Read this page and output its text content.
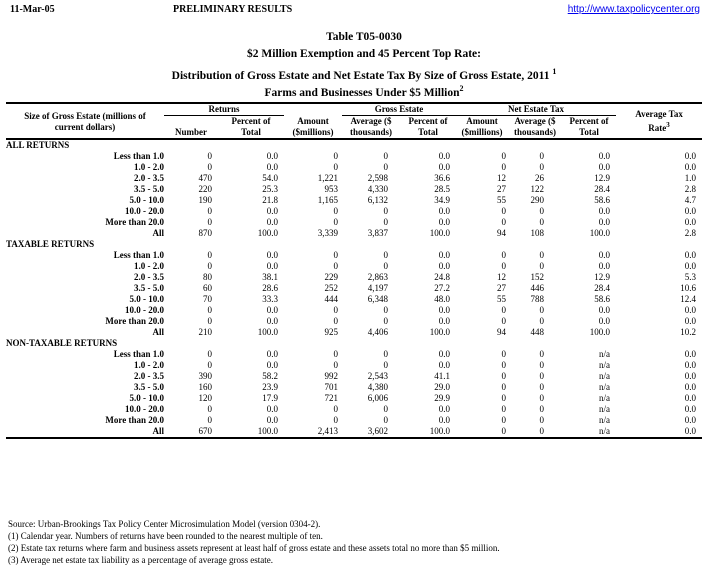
11-Mar-05	PRELIMINARY RESULTS	http://www.taxpolicycenter.org
Table T05-0030
$2 Million Exemption and 45 Percent Top Rate:
Distribution of Gross Estate and Net Estate Tax By Size of Gross Estate, 2011 $^1$
Farms and Businesses Under $5 Million$^2$
Size of Gross Estate (millions of current dollars)	Returns			Gross Estate		Net Estate Tax			Average Tax Rate$^3$
	Number	Percent of Total	Amount ($millions)	Average ($ thousands)	Percent of Total	Amount ($millions)	Average ($ thousands)	Percent of Total	
ALL RETURNS									
Less than 1.0	0	0.0	0	0	0.0	0	0	0.0	0.0
1.0 - 2.0	0	0.0	0	0	0.0	0	0	0.0	0.0
2.0 - 3.5	470	54.0	1,221	2,598	36.6	12	26	12.9	1.0
3.5 - 5.0	220	25.3	953	4,330	28.5	27	122	28.4	2.8
5.0 - 10.0	190	21.8	1,165	6,132	34.9	55	290	58.6	4.7
10.0 - 20.0	0	0.0	0	0	0.0	0	0	0.0	0.0
More than 20.0	0	0.0	0	0	0.0	0	0	0.0	0.0
All	870	100.0	3,339	3,837	100.0	94	108	100.0	2.8
TAXABLE RETURNS									
Less than 1.0	0	0.0	0	0	0.0	0	0	0.0	0.0
1.0 - 2.0	0	0.0	0	0	0.0	0	0	0.0	0.0
2.0 - 3.5	80	38.1	229	2,863	24.8	12	152	12.9	5.3
3.5 - 5.0	60	28.6	252	4,197	27.2	27	446	28.4	10.6
5.0 - 10.0	70	33.3	444	6,348	48.0	55	788	58.6	12.4
10.0 - 20.0	0	0.0	0	0	0.0	0	0	0.0	0.0
More than 20.0	0	0.0	0	0	0.0	0	0	0.0	0.0
All	210	100.0	925	4,406	100.0	94	448	100.0	10.2
NON-TAXABLE RETURNS									
Less than 1.0	0	0.0	0	0	0.0	0	0	n/a	0.0
1.0 - 2.0	0	0.0	0	0	0.0	0	0	n/a	0.0
2.0 - 3.5	390	58.2	992	2,543	41.1	0	0	n/a	0.0
3.5 - 5.0	160	23.9	701	4,380	29.0	0	0	n/a	0.0
5.0 - 10.0	120	17.9	721	6,006	29.9	0	0	n/a	0.0
10.0 - 20.0	0	0.0	0	0	0.0	0	0	n/a	0.0
More than 20.0	0	0.0	0	0	0.0	0	0	n/a	0.0
All	670	100.0	2,413	3,602	100.0	0	0	n/a	0.0
Source: Urban-Brookings Tax Policy Center Microsimulation Model (version 0304-2).
(1) Calendar year. Numbers of returns have been rounded to the nearest multiple of ten.
(2) Estate tax returns where farm and business assets represent at least half of gross estate and these assets total no more than $5 million.
(3) Average net estate tax liability as a percentage of average gross estate.
